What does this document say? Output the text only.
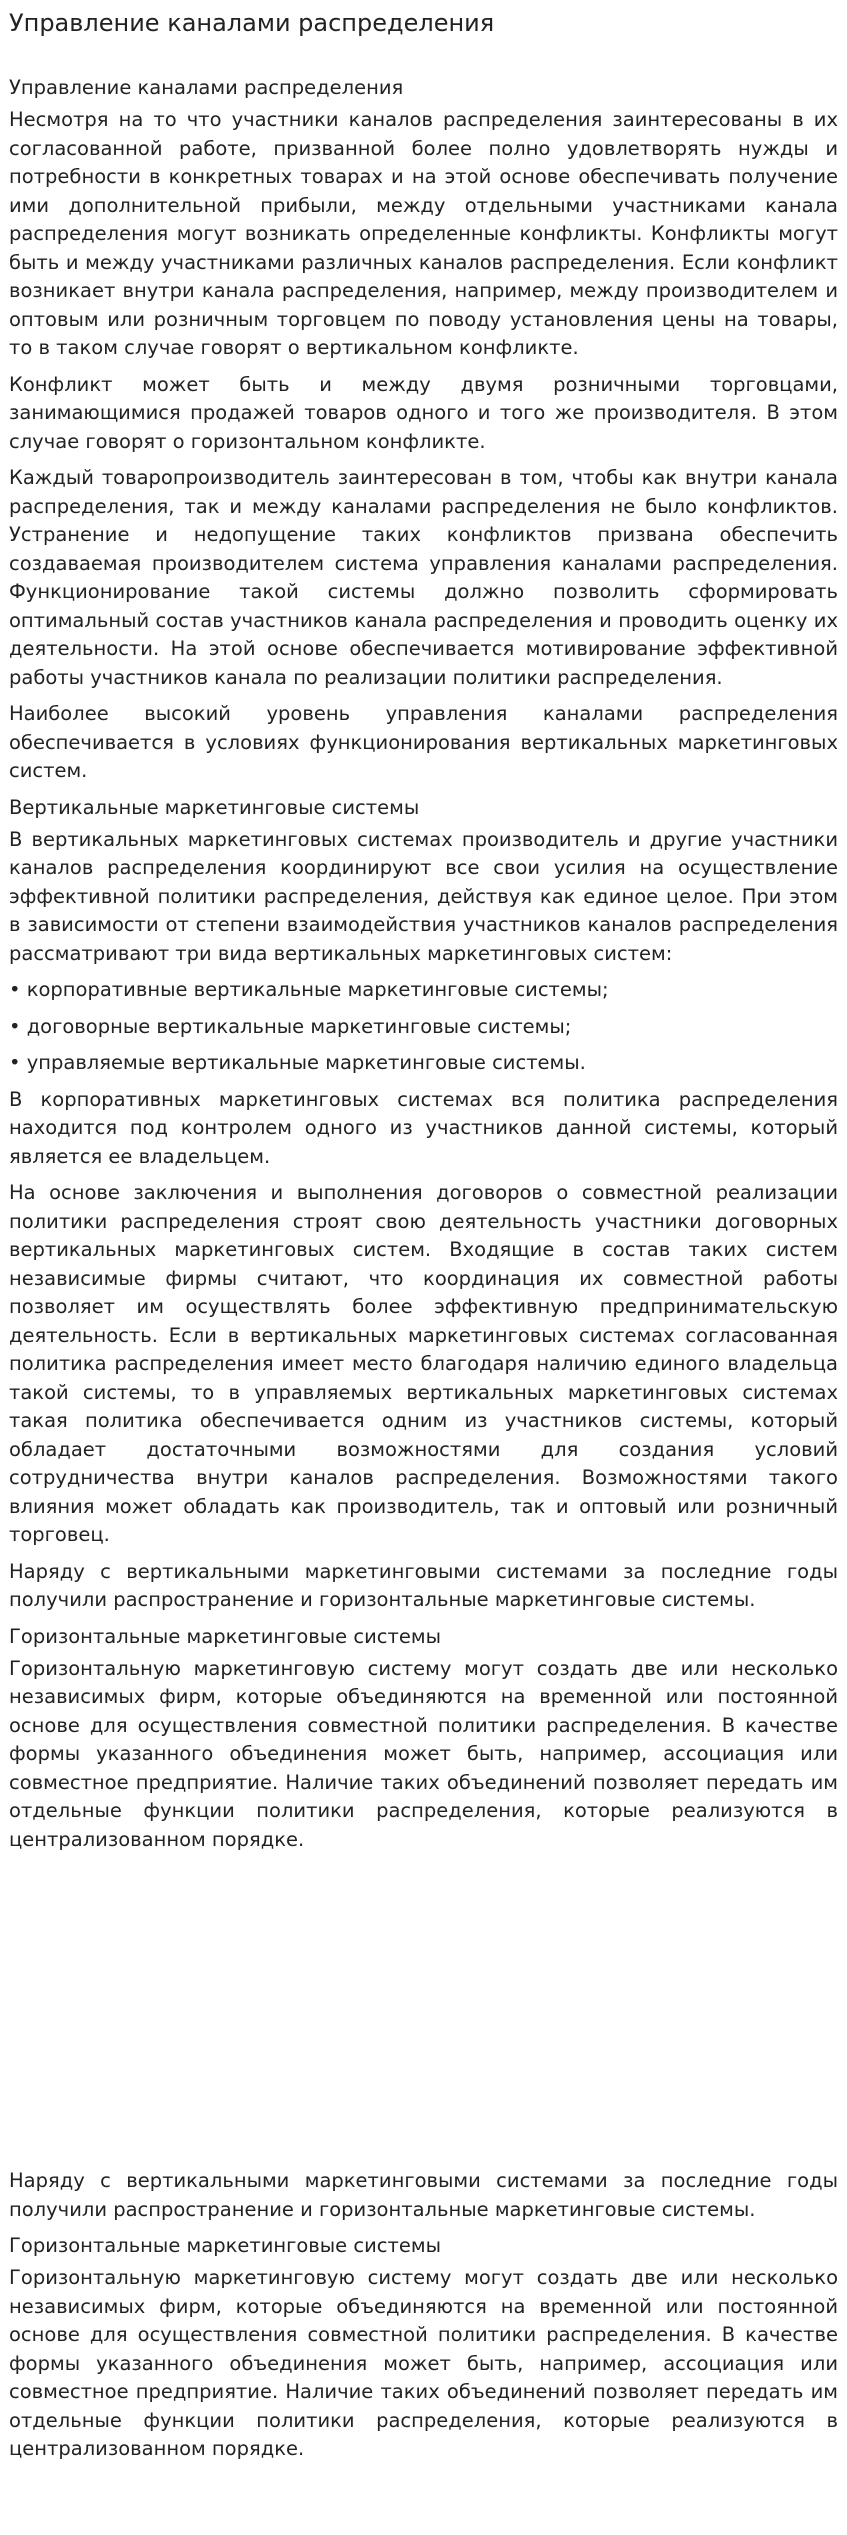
Управление каналами распределения
Управление каналами распределения

Несмотря на то что участники каналов распределения заинтересованы в их согласованной работе, призванной более полно удовлетворять нужды и потребности в конкретных товарах и на этой основе обеспечивать получение ими дополнительной прибыли, между отдельными участниками канала распределения могут возникать определенные конфликты. Конфликты могут быть и между участниками различных каналов распределения. Если конфликт возникает внутри канала распределения, например, между производителем и оптовым или розничным торговцем по поводу установления цены на товары, то в таком случае говорят о вертикальном конфликте.

Конфликт может быть и между двумя розничными торговцами, занимающимися продажей товаров одного и того же производителя. В этом случае говорят о горизонтальном конфликте.

Каждый товаропроизводитель заинтересован в том, чтобы как внутри канала распределения, так и между каналами распределения не было конфликтов. Устранение и недопущение таких конфликтов призвана обеспечить создаваемая производителем система управления каналами распределения. Функционирование такой системы должно позволить сформировать оптимальный состав участников канала распределения и проводить оценку их деятельности. На этой основе обеспечивается мотивирование эффективной работы участников канала по реализации политики распределения.

Наиболее высокий уровень управления каналами распределения обеспечивается в условиях функционирования вертикальных маркетинговых систем.

Вертикальные маркетинговые системы

В вертикальных маркетинговых системах производитель и другие участники каналов распределения координируют все свои усилия на осуществление эффективной политики распределения, действуя как единое целое. При этом в зависимости от степени взаимодействия участников каналов распределения рассматривают три вида вертикальных маркетинговых систем:

• корпоративные вертикальные маркетинговые системы;

• договорные вертикальные маркетинговые системы;

• управляемые вертикальные маркетинговые системы.

В корпоративных маркетинговых системах вся политика распределения находится под контролем одного из участников данной системы, который является ее владельцем.

На основе заключения и выполнения договоров о совместной реализации политики распределения строят свою деятельность участники договорных вертикальных маркетинговых систем. Входящие в состав таких систем независимые фирмы считают, что координация их совместной работы позволяет им осуществлять более эффективную предпринимательскую деятельность. Если в вертикальных маркетинговых системах согласованная политика распределения имеет место благодаря наличию единого владельца такой системы, то в управляемых вертикальных маркетинговых системах такая политика обеспечивается одним из участников системы, который обладает достаточными возможностями для создания условий сотрудничества внутри каналов распределения. Возможностями такого влияния может обладать как производитель, так и оптовый или розничный торговец.

Наряду с вертикальными маркетинговыми системами за последние годы получили распространение и горизонтальные маркетинговые системы.

Горизонтальные маркетинговые системы

Горизонтальную маркетинговую систему могут создать две или несколько независимых фирм, которые объединяются на временной или постоянной основе для осуществления совместной политики распределения. В качестве формы указанного объединения может быть, например, ассоциация или совместное предприятие. Наличие таких объединений позволяет передать им отдельные функции политики распределения, которые реализуются в централизованном порядке.

Наряду с вертикальными маркетинговыми системами за последние годы получили распространение и горизонтальные маркетинговые системы.

Горизонтальные маркетинговые системы

Горизонтальную маркетинговую систему могут создать две или несколько независимых фирм, которые объединяются на временной или постоянной основе для осуществления совместной политики распределения. В качестве формы указанного объединения может быть, например, ассоциация или совместное предприятие. Наличие таких объединений позволяет передать им отдельные функции политики распределения, которые реализуются в централизованном порядке.
